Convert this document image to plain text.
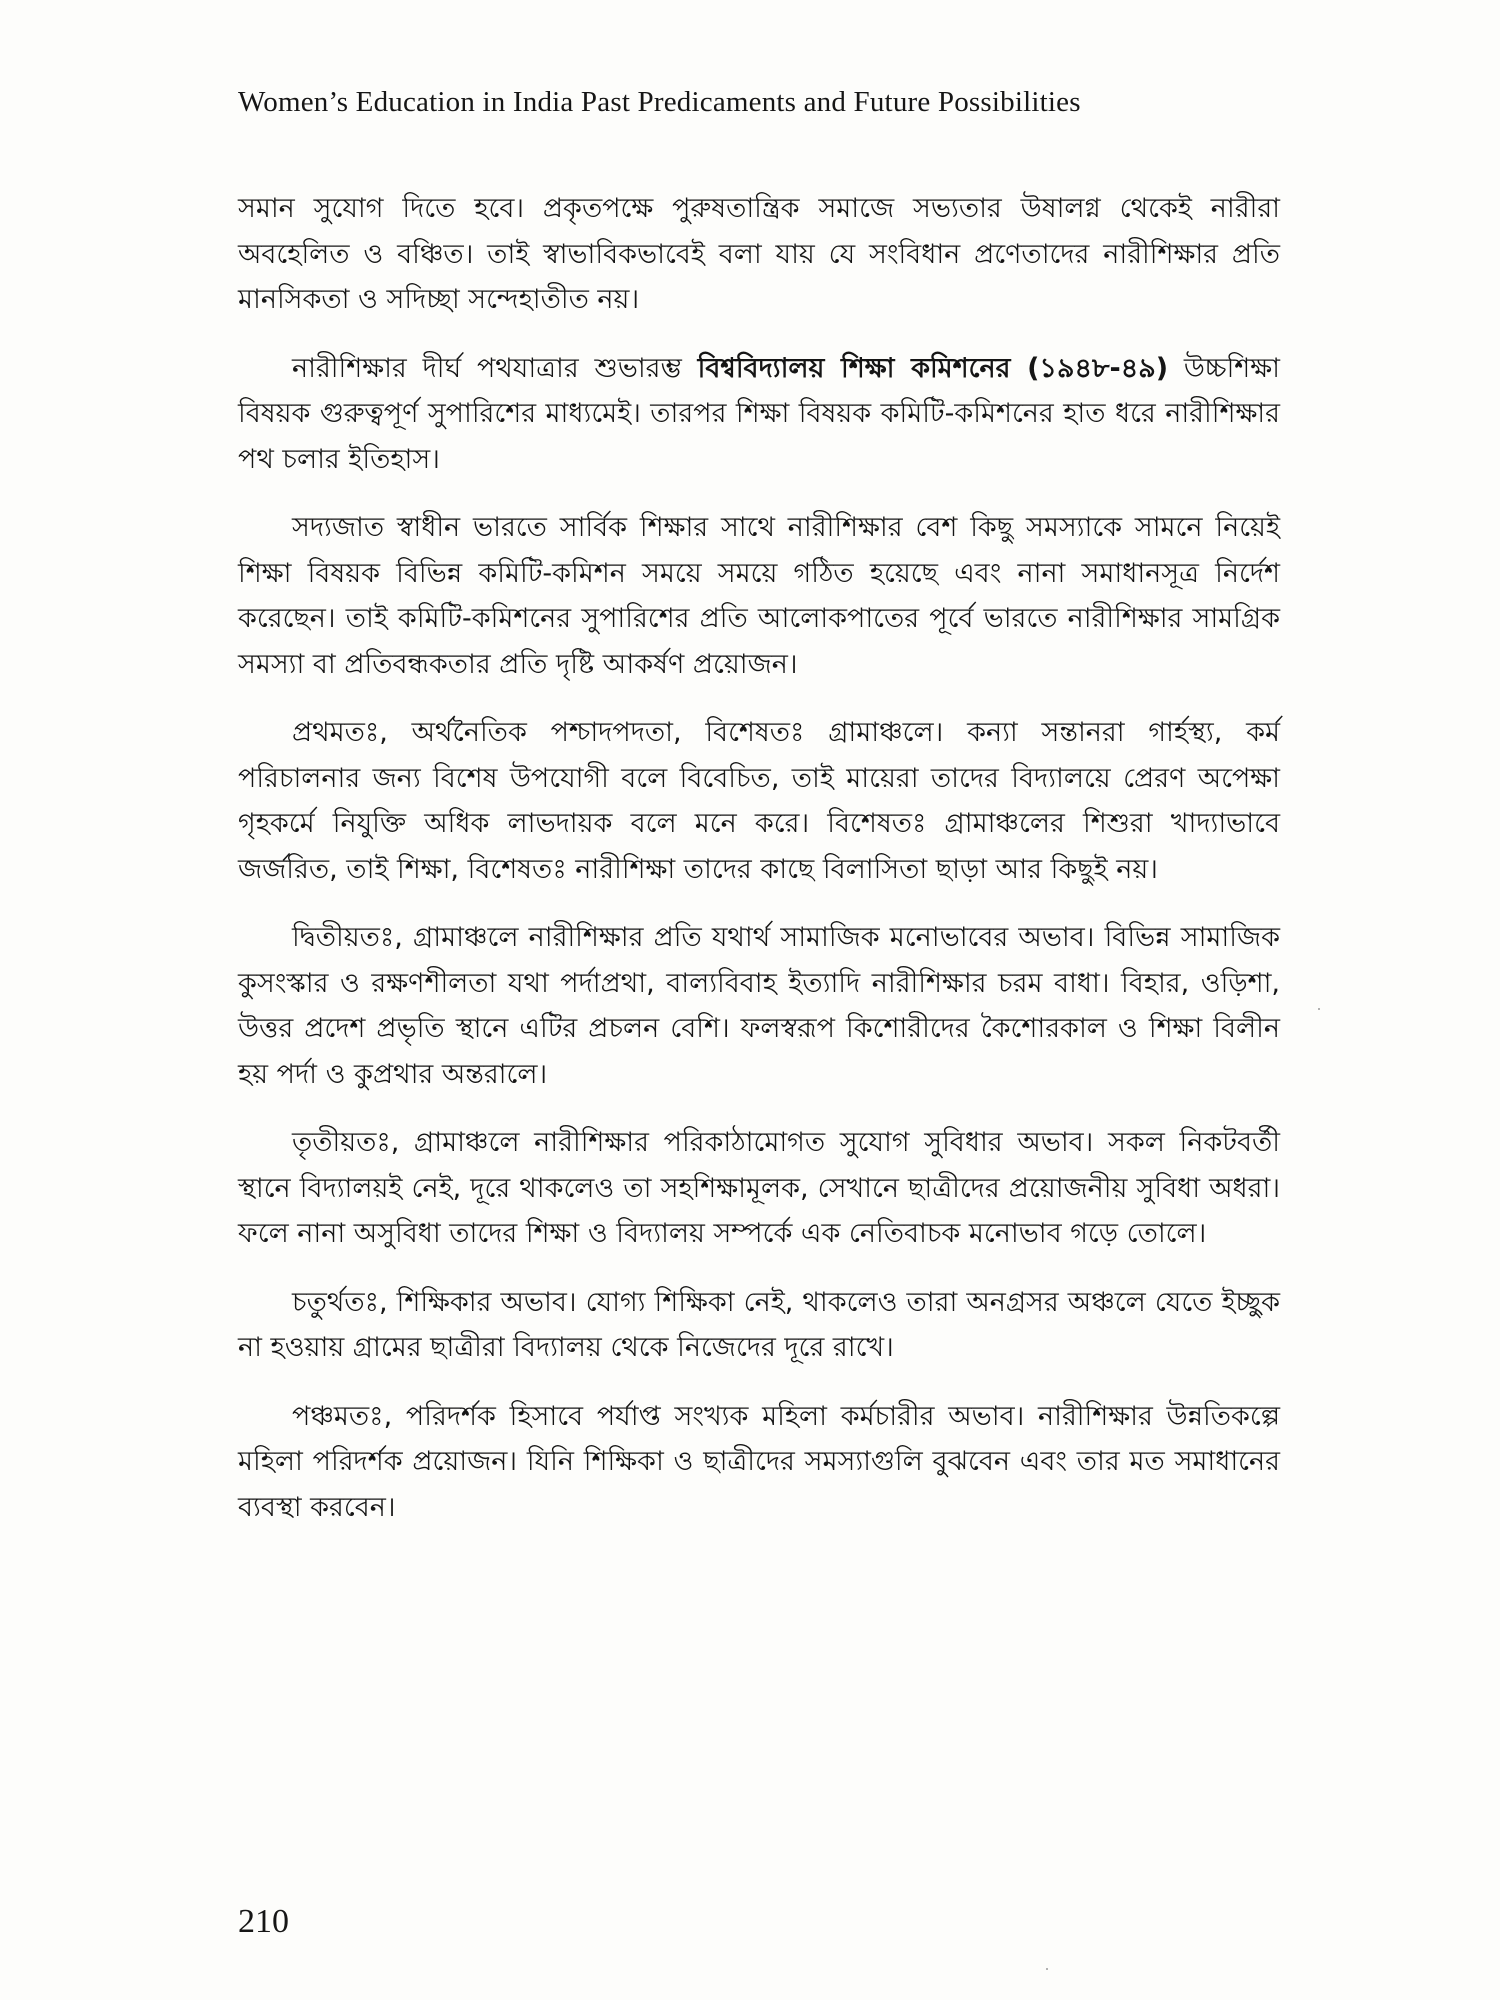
Women’s Education in India Past Predicaments and Future Possibilities

সমান সুযোগ দিতে হবে। প্রকৃতপক্ষে পুরুষতান্ত্রিক সমাজে সভ্যতার উষালগ্ন থেকেই নারীরা অবহেলিত ও বঞ্চিত। তাই স্বাভাবিকভাবেই বলা যায় যে সংবিধান প্রণেতাদের নারীশিক্ষার প্রতি মানসিকতা ও সদিচ্ছা সন্দেহাতীত নয়।

নারীশিক্ষার দীর্ঘ পথযাত্রার শুভারম্ভ বিশ্ববিদ্যালয় শিক্ষা কমিশনের (১৯৪৮-৪৯) উচ্চশিক্ষা বিষয়ক গুরুত্বপূর্ণ সুপারিশের মাধ্যমেই। তারপর শিক্ষা বিষয়ক কমিটি-কমিশনের হাত ধরে নারীশিক্ষার পথ চলার ইতিহাস।

সদ্যজাত স্বাধীন ভারতে সার্বিক শিক্ষার সাথে নারীশিক্ষার বেশ কিছু সমস্যাকে সামনে নিয়েই শিক্ষা বিষয়ক বিভিন্ন কমিটি-কমিশন সময়ে সময়ে গঠিত হয়েছে এবং নানা সমাধানসূত্র নির্দেশ করেছেন। তাই কমিটি-কমিশনের সুপারিশের প্রতি আলোকপাতের পূর্বে ভারতে নারীশিক্ষার সামগ্রিক সমস্যা বা প্রতিবন্ধকতার প্রতি দৃষ্টি আকর্ষণ প্রয়োজন।

প্রথমতঃ, অর্থনৈতিক পশ্চাদপদতা, বিশেষতঃ গ্রামাঞ্চলে। কন্যা সন্তানরা গার্হস্থ্য, কর্ম পরিচালনার জন্য বিশেষ উপযোগী বলে বিবেচিত, তাই মায়েরা তাদের বিদ্যালয়ে প্রেরণ অপেক্ষা গৃহকর্মে নিযুক্তি অধিক লাভদায়ক বলে মনে করে। বিশেষতঃ গ্রামাঞ্চলের শিশুরা খাদ্যাভাবে জর্জরিত, তাই শিক্ষা, বিশেষতঃ নারীশিক্ষা তাদের কাছে বিলাসিতা ছাড়া আর কিছুই নয়।

দ্বিতীয়তঃ, গ্রামাঞ্চলে নারীশিক্ষার প্রতি যথার্থ সামাজিক মনোভাবের অভাব। বিভিন্ন সামাজিক কুসংস্কার ও রক্ষণশীলতা যথা পর্দাপ্রথা, বাল্যবিবাহ ইত্যাদি নারীশিক্ষার চরম বাধা। বিহার, ওড়িশা, উত্তর প্রদেশ প্রভৃতি স্থানে এটির প্রচলন বেশি। ফলস্বরূপ কিশোরীদের কৈশোরকাল ও শিক্ষা বিলীন হয় পর্দা ও কুপ্রথার অন্তরালে।

তৃতীয়তঃ, গ্রামাঞ্চলে নারীশিক্ষার পরিকাঠামোগত সুযোগ সুবিধার অভাব। সকল নিকটবর্তী স্থানে বিদ্যালয়ই নেই, দূরে থাকলেও তা সহশিক্ষামূলক, সেখানে ছাত্রীদের প্রয়োজনীয় সুবিধা অধরা। ফলে নানা অসুবিধা তাদের শিক্ষা ও বিদ্যালয় সম্পর্কে এক নেতিবাচক মনোভাব গড়ে তোলে।

চতুর্থতঃ, শিক্ষিকার অভাব। যোগ্য শিক্ষিকা নেই, থাকলেও তারা অনগ্রসর অঞ্চলে যেতে ইচ্ছুক না হওয়ায় গ্রামের ছাত্রীরা বিদ্যালয় থেকে নিজেদের দূরে রাখে।

পঞ্চমতঃ, পরিদর্শক হিসাবে পর্যাপ্ত সংখ্যক মহিলা কর্মচারীর অভাব। নারীশিক্ষার উন্নতিকল্পে মহিলা পরিদর্শক প্রয়োজন। যিনি শিক্ষিকা ও ছাত্রীদের সমস্যাগুলি বুঝবেন এবং তার মত সমাধানের ব্যবস্থা করবেন।

210
